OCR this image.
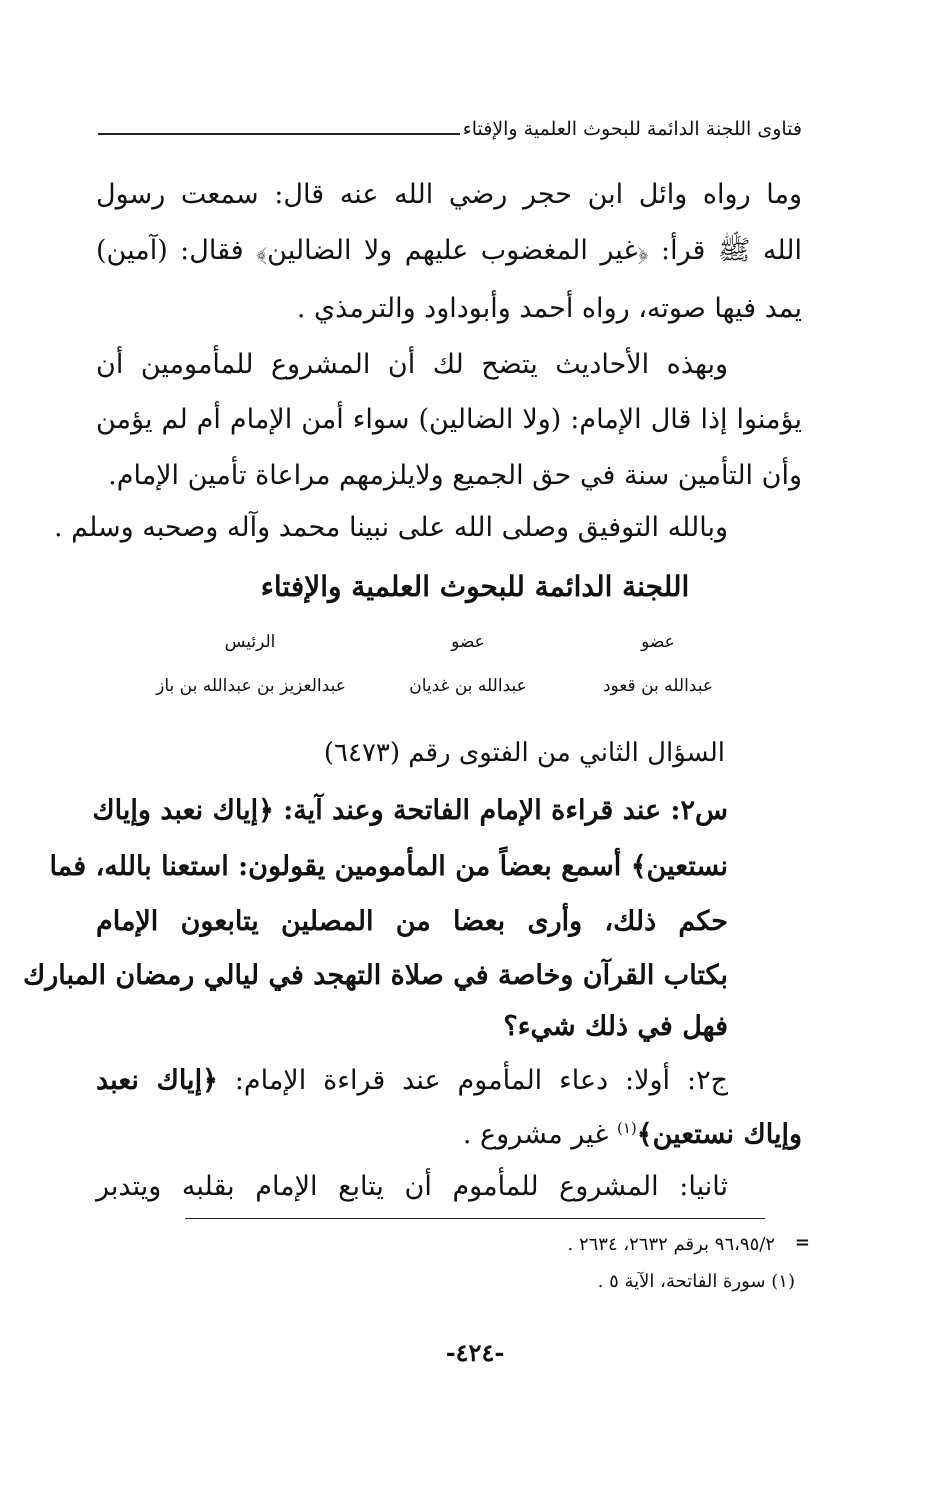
فتاوى اللجنة الدائمة للبحوث العلمية والإفتاء
وما رواه وائل ابن حجر رضي الله عنه قال: سمعت رسول
الله ﷺ قرأ: ﴿غير المغضوب عليهم ولا الضالين﴾ فقال: (آمين)
يمد فيها صوته، رواه أحمد وأبوداود والترمذي .
وبهذه الأحاديث يتضح لك أن المشروع للمأمومين أن
يؤمنوا إذا قال الإمام: (ولا الضالين) سواء أمن الإمام أم لم يؤمن
وأن التأمين سنة في حق الجميع ولايلزمهم مراعاة تأمين الإمام.
وبالله التوفيق وصلى الله على نبينا محمد وآله وصحبه وسلم .
اللجنة الدائمة للبحوث العلمية والإفتاء
عضو
عضو
الرئيس
عبدالله بن قعود
عبدالله بن غديان
عبدالعزيز بن عبدالله بن باز
السؤال الثاني من الفتوى رقم (٦٤٧٣)
س٢: عند قراءة الإمام الفاتحة وعند آية: ﴿إياك نعبد وإياك
نستعين﴾ أسمع بعضاً من المأمومين يقولون: استعنا بالله، فما
حكم ذلك، وأرى بعضا من المصلين يتابعون الإمام
بكتاب القرآن وخاصة في صلاة التهجد في ليالي رمضان المبارك
فهل في ذلك شيء؟
ج٢: أولا: دعاء المأموم عند قراءة الإمام: ﴿إياك نعبد
وإياك نستعين﴾$^{(١)}$ غير مشروع .
ثانيا: المشروع للمأموم أن يتابع الإمام بقلبه ويتدبر
=
٩٦،٩٥/٢ برقم ٢٦٣٢، ٢٦٣٤ .
(١) سورة الفاتحة، الآية ٥ .
-٤٢٤-
